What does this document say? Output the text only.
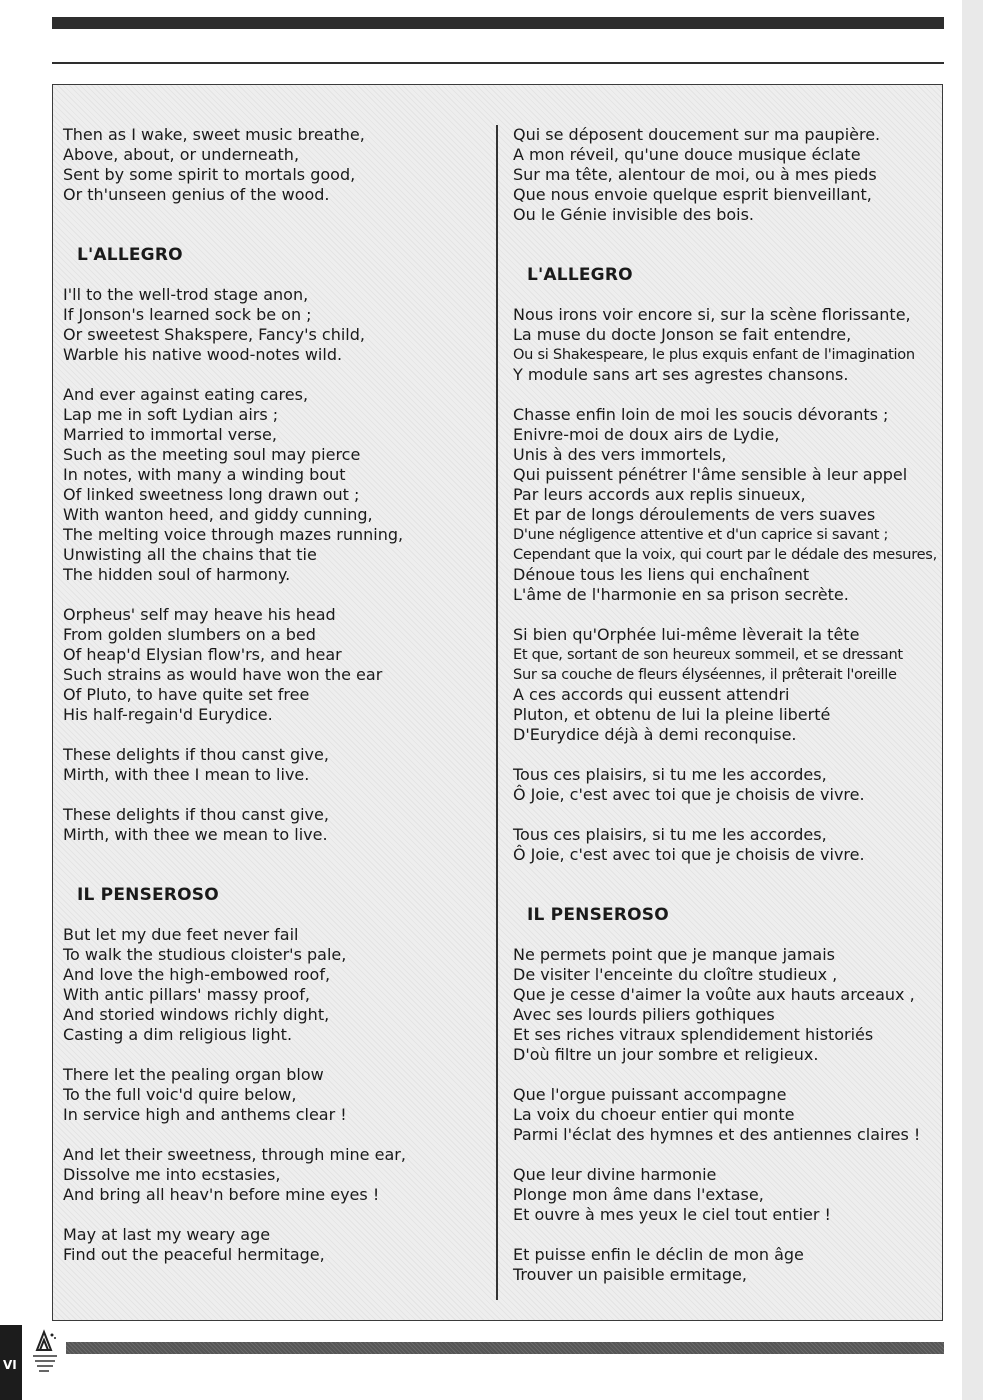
Then as I wake, sweet music breathe,
Above, about, or underneath,
Sent by some spirit to mortals good,
Or th'unseen genius of the wood.
L'ALLEGRO
I'll to the well-trod stage anon,
If Jonson's learned sock be on ;
Or sweetest Shakspere, Fancy's child,
Warble his native wood-notes wild.
And ever against eating cares,
Lap me in soft Lydian airs ;
Married to immortal verse,
Such as the meeting soul may pierce
In notes, with many a winding bout
Of linked sweetness long drawn out ;
With wanton heed, and giddy cunning,
The melting voice through mazes running,
Unwisting all the chains that tie
The hidden soul of harmony.
Orpheus' self may heave his head
From golden slumbers on a bed
Of heap'd Elysian flow'rs, and hear
Such strains as would have won the ear
Of Pluto, to have quite set free
His half-regain'd Eurydice.
These delights if thou canst give,
Mirth, with thee I mean to live.
These delights if thou canst give,
Mirth, with thee we mean to live.
IL PENSEROSO
But let my due feet never fail
To walk the studious cloister's pale,
And love the high-embowed roof,
With antic pillars' massy proof,
And storied windows richly dight,
Casting a dim religious light.
There let the pealing organ blow
To the full voic'd quire below,
In service high and anthems clear !
And let their sweetness, through mine ear,
Dissolve me into ecstasies,
And bring all heav'n before mine eyes !
May at last my weary age
Find out the peaceful hermitage,
Qui se déposent doucement sur ma paupière.
A mon réveil, qu'une douce musique éclate
Sur ma tête, alentour de moi, ou à mes pieds
Que nous envoie quelque esprit bienveillant,
Ou le Génie invisible des bois.
L'ALLEGRO
Nous irons voir encore si, sur la scène florissante,
La muse du docte Jonson se fait entendre,
Ou si Shakespeare, le plus exquis enfant de l'imagination
Y module sans art ses agrestes chansons.
Chasse enfin loin de moi les soucis dévorants ;
Enivre-moi de doux airs de Lydie,
Unis à des vers immortels,
Qui puissent pénétrer l'âme sensible à leur appel
Par leurs accords aux replis sinueux,
Et par de longs déroulements de vers suaves
D'une négligence attentive et d'un caprice si savant ;
Cependant que la voix, qui court par le dédale des mesures,
Dénoue tous les liens qui enchaînent
L'âme de l'harmonie en sa prison secrète.
Si bien qu'Orphée lui-même lèverait la tête
Et que, sortant de son heureux sommeil, et se dressant
Sur sa couche de fleurs élyséennes, il prêterait l'oreille
A ces accords qui eussent attendri
Pluton, et obtenu de lui la pleine liberté
D'Eurydice déjà à demi reconquise.
Tous ces plaisirs, si tu me les accordes,
Ô Joie, c'est avec toi que je choisis de vivre.
Tous ces plaisirs, si tu me les accordes,
Ô Joie, c'est avec toi que je choisis de vivre.
IL PENSEROSO
Ne permets point que je manque jamais
De visiter l'enceinte du cloître studieux ,
Que je cesse d'aimer la voûte aux hauts arceaux ,
Avec ses lourds piliers gothiques
Et ses riches vitraux splendidement historiés
D'où filtre un jour sombre et religieux.
Que l'orgue puissant accompagne
La voix du choeur entier qui monte
Parmi l'éclat des hymnes et des antiennes claires !
Que leur divine harmonie
Plonge mon âme dans l'extase,
Et ouvre à mes yeux le ciel tout entier !
Et puisse enfin le déclin de mon âge
Trouver un paisible ermitage,
VI
